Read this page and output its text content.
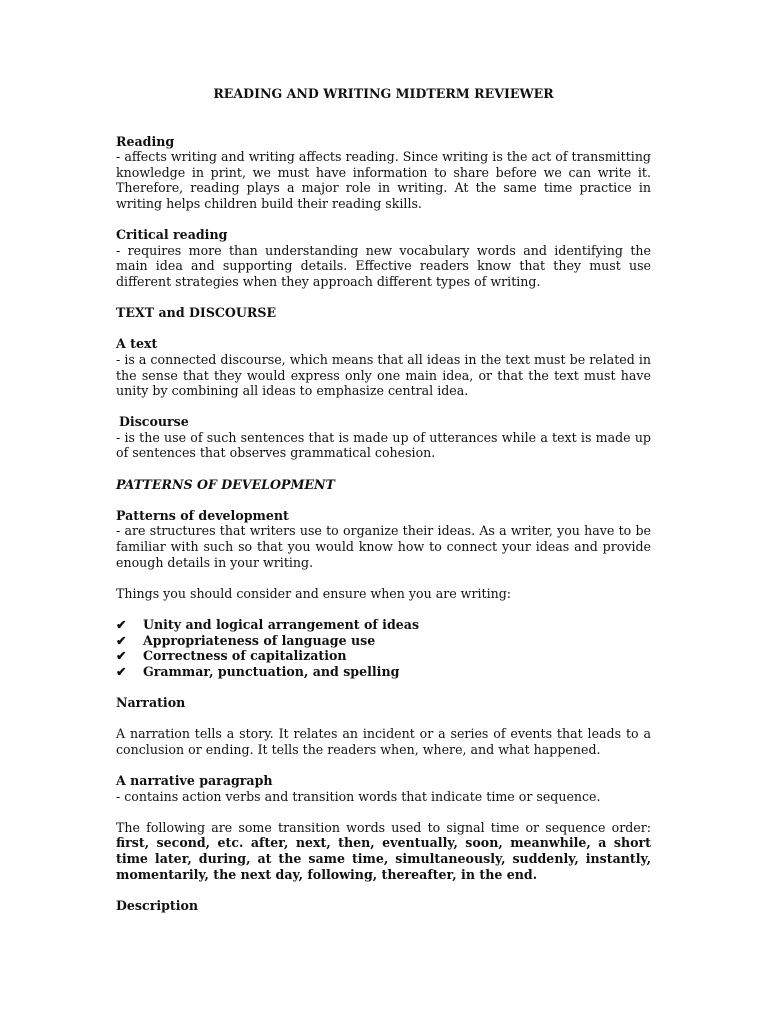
READING AND WRITING MIDTERM REVIEWER
Reading
- affects writing and writing affects reading. Since writing is the act of transmitting knowledge in print, we must have information to share before we can write it. Therefore, reading plays a major role in writing. At the same time practice in writing helps children build their reading skills.
Critical reading
- requires more than understanding new vocabulary words and identifying the main idea and supporting details. Effective readers know that they must use different strategies when they approach different types of writing.
TEXT and DISCOURSE
A text
- is a connected discourse, which means that all ideas in the text must be related in the sense that they would express only one main idea, or that the text must have unity by combining all ideas to emphasize central idea.
Discourse
- is the use of such sentences that is made up of utterances while a text is made up of sentences that observes grammatical cohesion.
PATTERNS OF DEVELOPMENT
Patterns of development
- are structures that writers use to organize their ideas. As a writer, you have to be familiar with such so that you would know how to connect your ideas and provide enough details in your writing.
Things you should consider and ensure when you are writing:
✔	Unity and logical arrangement of ideas
✔	Appropriateness of language use
✔	Correctness of capitalization
✔	Grammar, punctuation, and spelling
Narration
A narration tells a story. It relates an incident or a series of events that leads to a conclusion or ending. It tells the readers when, where, and what happened.
A narrative paragraph
- contains action verbs and transition words that indicate time or sequence.
The following are some transition words used to signal time or sequence order: first, second, etc. after, next, then, eventually, soon, meanwhile, a short time later, during, at the same time, simultaneously, suddenly, instantly, momentarily, the next day, following, thereafter, in the end.
Description
